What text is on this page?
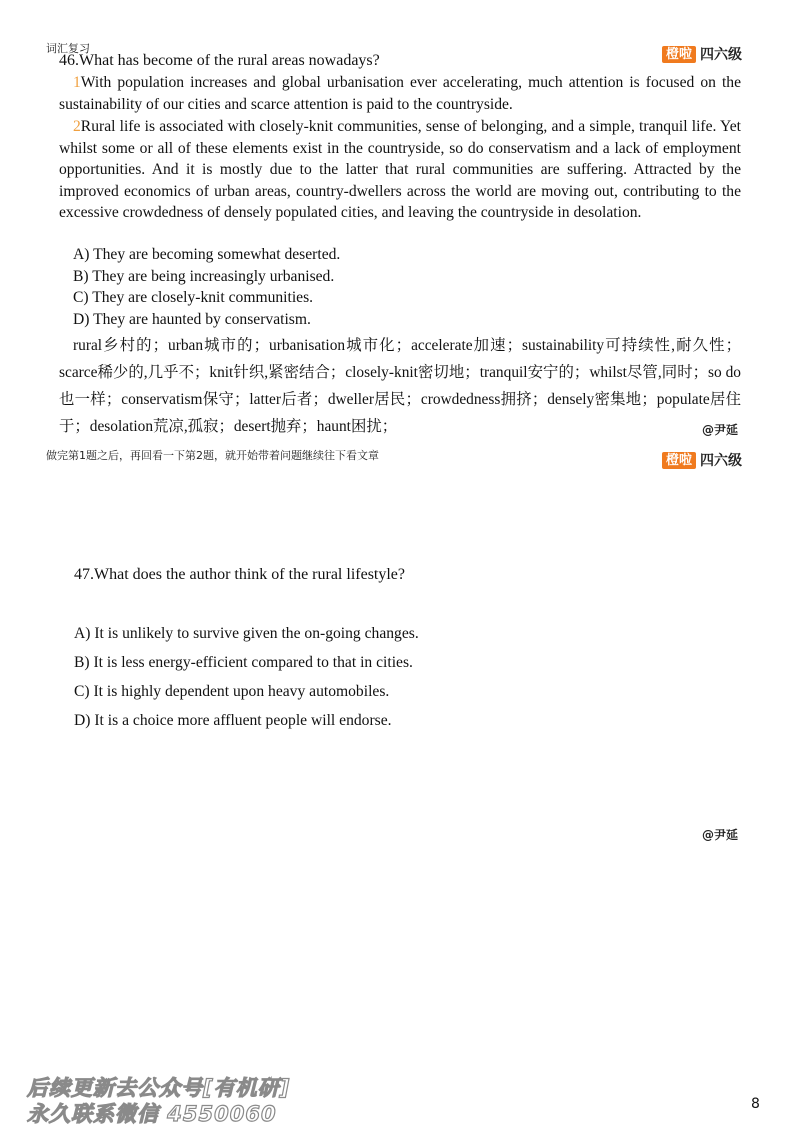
词汇复习	橙啦 四六级
46.What has become of the rural areas nowadays?
1With population increases and global urbanisation ever accelerating, much attention is focused on the sustainability of our cities and scarce attention is paid to the countryside.
2Rural life is associated with closely-knit communities, sense of belonging, and a simple, tranquil life. Yet whilst some or all of these elements exist in the countryside, so do conservatism and a lack of employment opportunities. And it is mostly due to the latter that rural communities are suffering. Attracted by the improved economics of urban areas, country-dwellers across the world are moving out, contributing to the excessive crowdedness of densely populated cities, and leaving the countryside in desolation.
A) They are becoming somewhat deserted.
B) They are being increasingly urbanised.
C) They are closely-knit communities.
D) They are haunted by conservatism.
rural乡村的；urban城市的；urbanisation城市化；accelerate加速；sustainability可持续性,耐久性；scarce稀少的,几乎不；knit针织,紧密结合；closely-knit密切地；tranquil安宁的；whilst尽管,同时；so do也一样；conservatism保守；latter后者；dweller居民；crowdedness拥挤；densely密集地；populate居住于；desolation荒凉,孤寂；desert抛弃；haunt困扰；	@尹延
做完第1题之后，再回看一下第2题，就开始带着问题继续往下看文章	橙啦 四六级
47.What does the author think of the rural lifestyle?
A) It is unlikely to survive given the on-going changes.
B) It is less energy-efficient compared to that in cities.
C) It is highly dependent upon heavy automobiles.
D) It is a choice more affluent people will endorse.
@尹延
后续更新去公众号[有机研]
永久联系微信 4550060	8
